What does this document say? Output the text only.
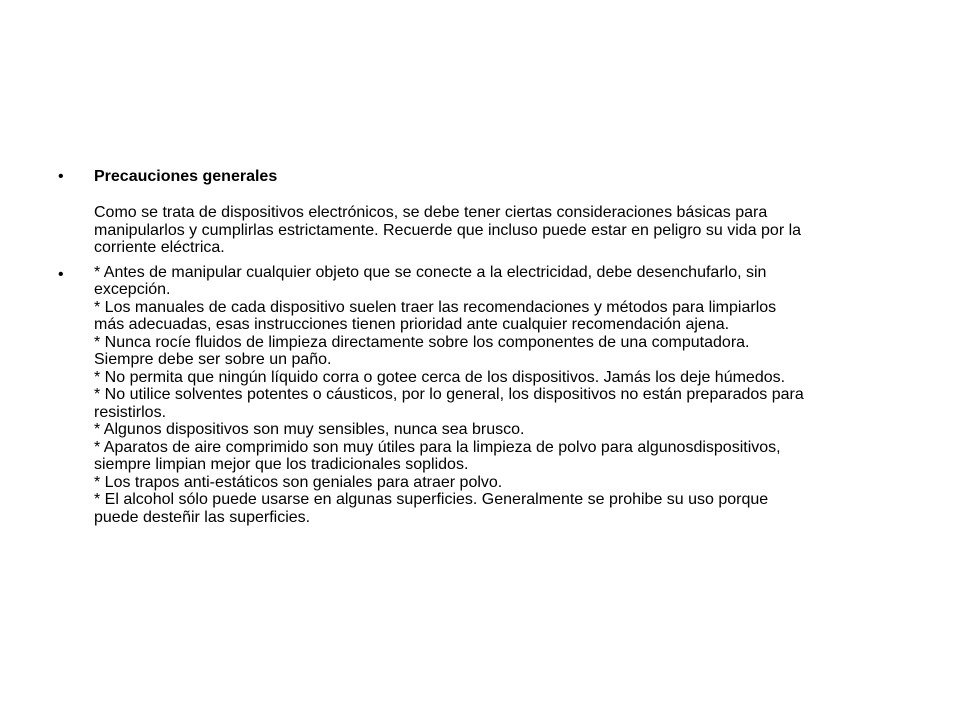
• Precauciones generales
Como se trata de dispositivos electrónicos, se debe tener ciertas consideraciones básicas para
manipularlos y cumplirlas estrictamente. Recuerde que incluso puede estar en peligro su vida por la
corriente eléctrica.
• * Antes de manipular cualquier objeto que se conecte a la electricidad, debe desenchufarlo, sin
excepción.
* Los manuales de cada dispositivo suelen traer las recomendaciones y métodos para limpiarlos
más adecuadas, esas instrucciones tienen prioridad ante cualquier recomendación ajena.
* Nunca rocíe fluidos de limpieza directamente sobre los componentes de una computadora.
Siempre debe ser sobre un paño.
* No permita que ningún líquido corra o gotee cerca de los dispositivos. Jamás los deje húmedos.
* No utilice solventes potentes o cáusticos, por lo general, los dispositivos no están preparados para
resistirlos.
* Algunos dispositivos son muy sensibles, nunca sea brusco.
* Aparatos de aire comprimido son muy útiles para la limpieza de polvo para algunosdispositivos,
siempre limpian mejor que los tradicionales soplidos.
* Los trapos anti-estáticos son geniales para atraer polvo.
* El alcohol sólo puede usarse en algunas superficies. Generalmente se prohibe su uso porque
puede desteñir las superficies.
